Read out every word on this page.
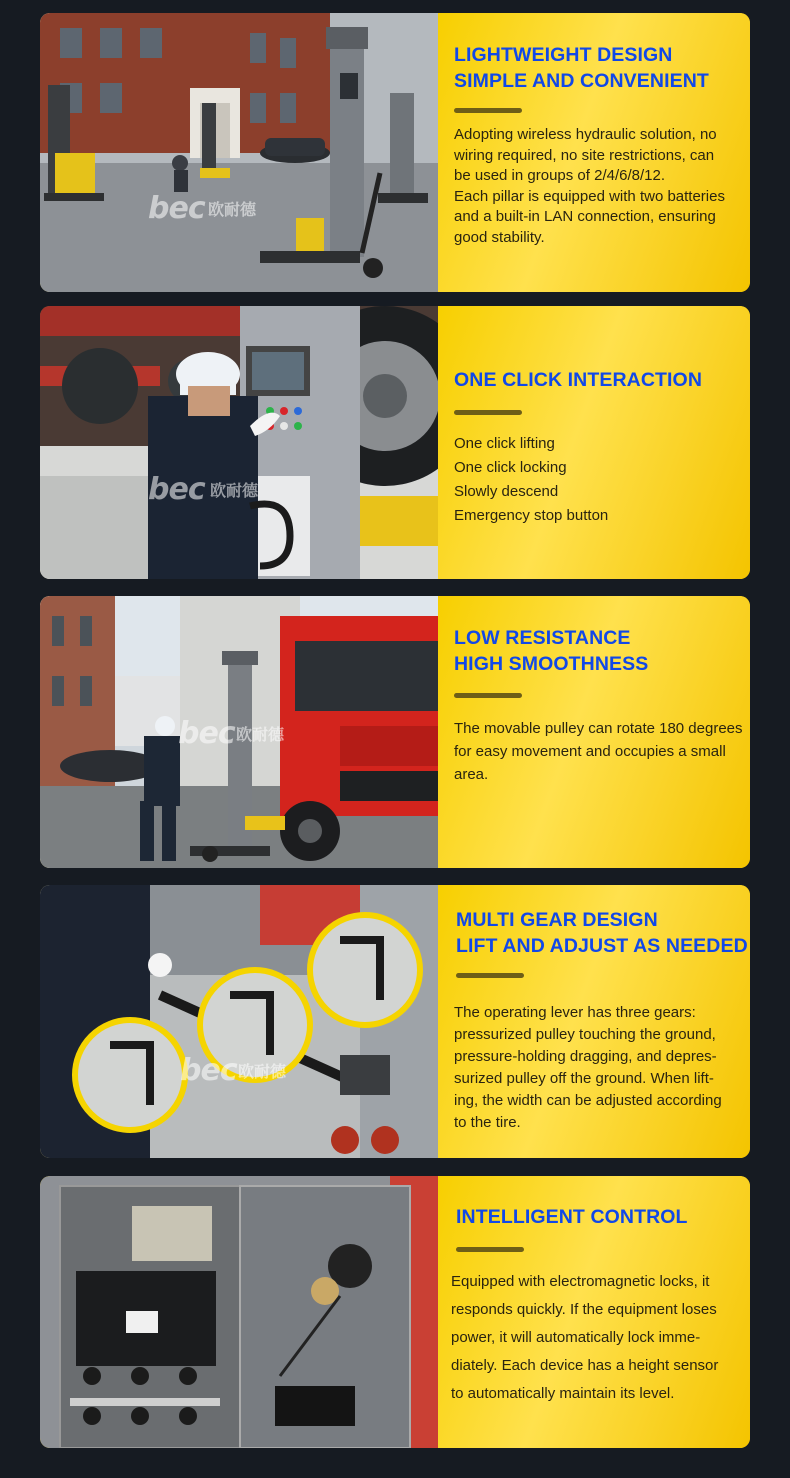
bec 欧耐德
LIGHTWEIGHT DESIGN
SIMPLE AND CONVENIENT
Adopting wireless hydraulic solution, no
wiring required, no site restrictions, can
be used in groups of 2/4/6/8/12.
Each pillar is equipped with two batteries
and a built-in LAN connection, ensuring
good stability.
bec 欧耐德
ONE CLICK INTERACTION
One click lifting
One click locking
Slowly descend
Emergency stop button
bec 欧耐德
LOW RESISTANCE
HIGH SMOOTHNESS
The movable pulley can rotate 180 degrees
for easy movement and occupies a small
area.
bec 欧耐德
MULTI GEAR DESIGN
LIFT AND ADJUST AS NEEDED
The operating lever has three gears:
pressurized pulley touching the ground,
pressure-holding dragging, and depres-
surized pulley off the ground. When lift-
ing, the width can be adjusted according
to the tire.
INTELLIGENT CONTROL
Equipped with electromagnetic locks, it
responds quickly. If the equipment loses
power, it will automatically lock imme-
diately. Each device has a height sensor
to automatically maintain its level.
